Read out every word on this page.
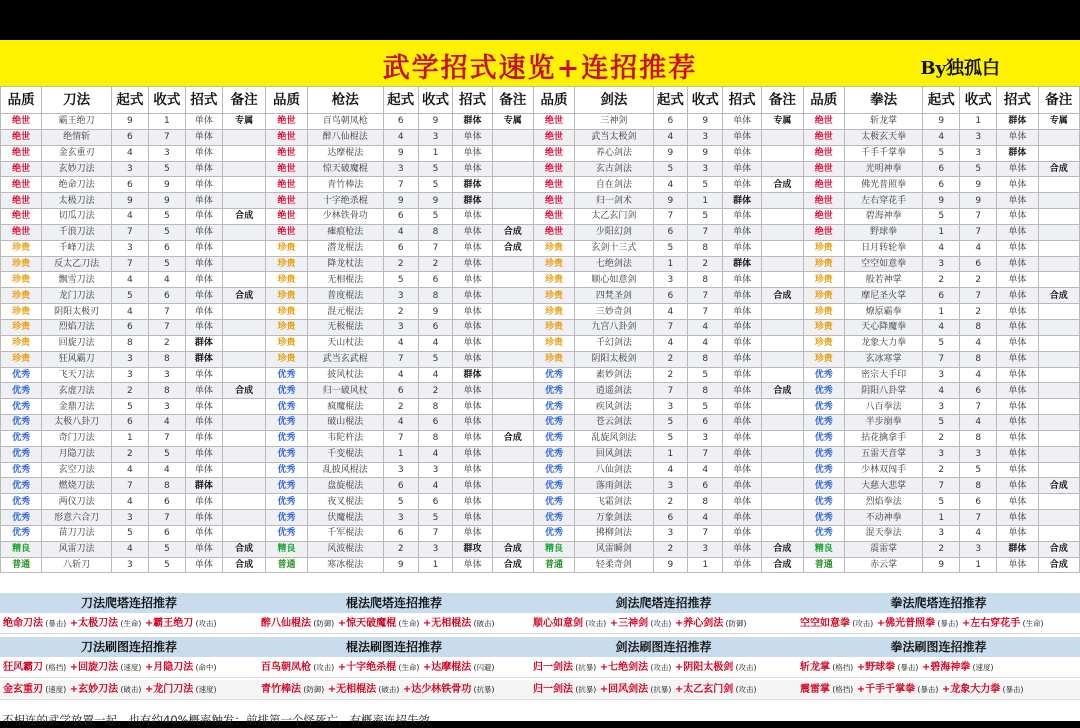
武学招式速览+连招推荐	By独孤白
品质	刀法	起式	收式	招式	备注	品质	枪法	起式	收式	招式	备注	品质	剑法	起式	收式	招式	备注	品质	拳法	起式	收式	招式	备注
绝世	霸王绝刀	9	1	单体	专属	绝世	百鸟朝凤枪	6	9	群体	专属	绝世	三神剑	6	9	单体	专属	绝世	斩龙掌	9	1	群体	专属
绝世	绝情斩	6	7	单体		绝世	醉八仙棍法	4	3	单体		绝世	武当太极剑	4	3	单体		绝世	太极玄天拳	4	3	单体	
绝世	金玄重刃	4	3	单体		绝世	达摩棍法	9	1	单体		绝世	养心剑法	9	9	单体		绝世	千手千掌拳	5	3	群体	
绝世	玄妙刀法	3	5	单体		绝世	惊天破魔棍	3	5	单体		绝世	玄古剑法	5	3	单体		绝世	光明神拳	6	5	单体	合成
绝世	绝命刀法	6	9	单体		绝世	青竹棒法	7	5	群体		绝世	自在剑法	4	5	单体	合成	绝世	佛光普照拳	6	9	单体	
绝世	太极刀法	9	9	单体		绝世	十字绝杀棍	9	9	群体		绝世	归一剑术	9	1	群体		绝世	左右穿花手	9	9	单体	
绝世	切瓜刀法	4	5	单体	合成	绝世	少林铁骨功	6	5	单体		绝世	太乙玄门剑	7	5	单体		绝世	碧海神拳	5	7	单体	
绝世	千浪刀法	7	5	单体		绝世	瘫痕枪法	4	8	单体	合成	绝世	少阳幻剑	6	7	单体		绝世	野球拳	1	7	单体	
珍贵	千峰刀法	3	6	单体		珍贵	潜龙棍法	6	7	单体	合成	珍贵	玄剑十三式	5	8	单体		珍贵	日月转轮拳	4	4	单体	
珍贵	反太乙刀法	7	5	单体		珍贵	降龙杖法	2	2	单体		珍贵	七绝剑法	1	2	群体		珍贵	空空如意拳	3	6	单体	
珍贵	飘雪刀法	4	4	单体		珍贵	无相棍法	5	6	单体		珍贵	顺心如意剑	3	8	单体		珍贵	般若神掌	2	2	单体	
珍贵	龙门刀法	5	6	单体	合成	珍贵	普度棍法	3	8	单体		珍贵	四梵圣剑	6	7	单体	合成	珍贵	摩尼圣火掌	6	7	单体	合成
珍贵	阴阳太极刃	4	7	单体		珍贵	混元棍法	2	9	单体		珍贵	三妙奇剑	4	7	单体		珍贵	燎原霸拳	1	2	单体	
珍贵	烈焰刀法	6	7	单体		珍贵	无极棍法	3	6	单体		珍贵	九宫八卦剑	7	4	单体		珍贵	天心降魔拳	4	8	单体	
珍贵	回旋刀法	8	2	群体		珍贵	天山杖法	4	4	单体		珍贵	千幻剑法	4	4	单体		珍贵	龙象大力拳	5	4	单体	
珍贵	狂风霸刀	3	8	群体		珍贵	武当玄武棍	7	5	单体		珍贵	阴阳太极剑	2	8	单体		珍贵	玄冰寒掌	7	8	单体	
优秀	飞天刀法	3	3	单体		优秀	披风杖法	4	4	群体		优秀	素妙剑法	2	5	单体		优秀	密宗大手印	3	4	单体	
优秀	玄虚刀法	2	8	单体	合成	优秀	归一破风杖	6	2	单体		优秀	逍遥剑法	7	8	单体	合成	优秀	阴阳八卦掌	4	6	单体	
优秀	金鼎刀法	5	3	单体		优秀	疯魔棍法	2	8	单体		优秀	疾风剑法	3	5	单体		优秀	八百拳法	3	7	单体	
优秀	太极八卦刀	6	4	单体		优秀	破山棍法	4	6	单体		优秀	苍云剑法	5	6	单体		优秀	半步崩拳	5	4	单体	
优秀	奇门刀法	1	7	单体		优秀	韦陀杵法	7	8	单体	合成	优秀	乱旋风剑法	5	3	单体		优秀	拈花擒拿手	2	8	单体	
优秀	月隐刀法	2	5	单体		优秀	千变棍法	1	4	单体		优秀	回风剑法	1	7	单体		优秀	五雷天音掌	3	3	单体	
优秀	玄空刀法	4	4	单体		优秀	乱披风棍法	3	3	单体		优秀	八仙剑法	4	4	单体		优秀	少林双闯手	2	5	单体	
优秀	燃烧刀法	7	8	群体		优秀	盘旋棍法	6	4	单体		优秀	落雨剑法	3	6	单体		优秀	大慈大悲掌	7	8	单体	合成
优秀	两仪刀法	4	6	单体		优秀	夜叉棍法	5	6	单体		优秀	飞霜剑法	2	8	单体		优秀	烈焰拳法	5	6	单体	
优秀	形意六合刀	3	7	单体		优秀	伏魔棍法	3	5	单体		优秀	万象剑法	6	4	单体		优秀	不动神拳	1	7	单体	
优秀	苗刀刀法	5	6	单体		优秀	千军棍法	6	7	单体		优秀	拂柳剑法	3	7	单体		优秀	混天拳法	3	4	单体	
精良	风雷刀法	4	5	单体	合成	精良	风波棍法	2	3	群攻	合成	精良	风雷瞬剑	2	3	单体	合成	精良	震雷掌	2	3	群体	合成
普通	八斩刀	3	5	单体	合成	普通	寒冰棍法	9	1	单体	合成	普通	轻柔奇剑	9	1	单体	合成	普通	赤云掌	9	1	单体	合成
刀法爬塔连招推荐	棍法爬塔连招推荐	剑法爬塔连招推荐	拳法爬塔连招推荐
绝命刀法 (暴击) +太极刀法 (生命) +霸王绝刀 (攻击)	醉八仙棍法 (防御) +惊天破魔棍 (生命) +无相棍法 (破击)	顺心如意剑 (攻击) +三神剑 (攻击) +养心剑法 (防御)	空空如意拳 (攻击) +佛光普照拳 (暴击) +左右穿花手 (生命)
刀法刷图连招推荐	棍法刷图连招推荐	剑法刷图连招推荐	拳法刷图连招推荐
狂风霸刀 (格挡) +回旋刀法 (速度) +月隐刀法 (命中)	百鸟朝凤枪 (攻击) +十字绝杀棍 (生命) +达摩棍法 (闪避)	归一剑法 (抗暴) +七绝剑法 (攻击) +阴阳太极剑 (攻击)	斩龙掌 (格挡) +野球拳 (暴击) +碧海神拳 (速度)
金玄重刃 (速度) +玄妙刀法 (破击) +龙门刀法 (速度)	青竹棒法 (防御) +无相棍法 (破击) +达少林铁骨功 (抗暴)	归一剑法 (抗暴) +回风剑法 (抗暴) +太乙玄门剑 (攻击)	震雷掌 (格挡) +千手千掌拳 (暴击) +龙象大力拳 (暴击)
不相连的武学放置一起，也有约40%概率触发；前排第一个怪死亡，有概率连招失效
